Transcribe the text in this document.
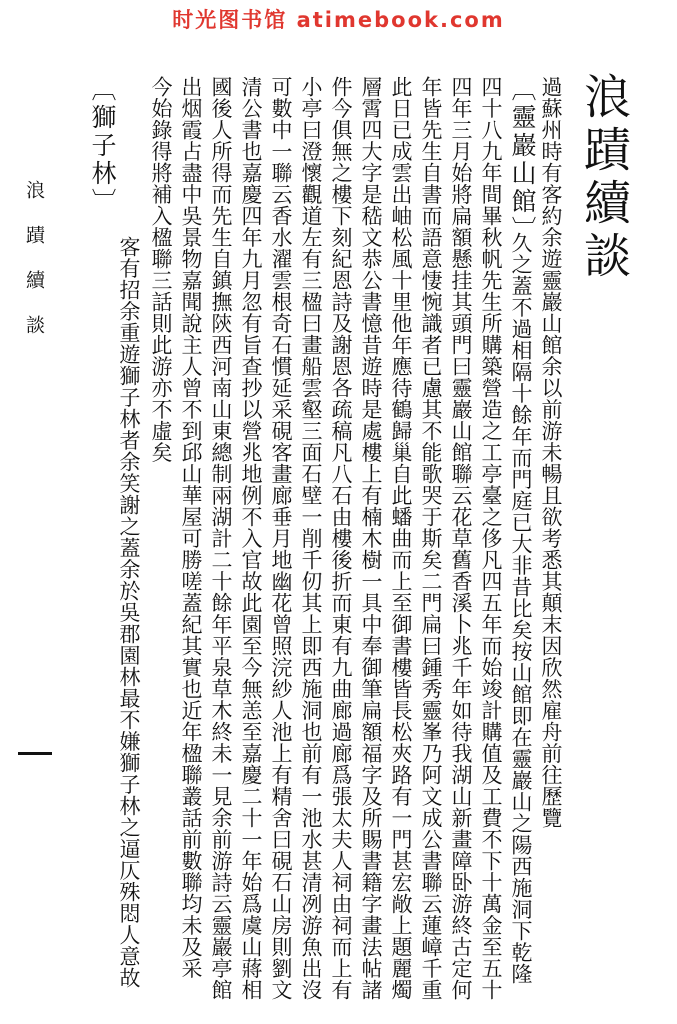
时光图书馆 atimebook.com
浪蹟續談
〔靈巖山館〕 過蘇州時有客約余遊靈巖山館余以前游未暢且欲考悉其顛末因欣然雇舟前往歷覽
久之蓋不過相隔十餘年而門庭已大非昔比矣按山館即在靈巖山之陽西施洞下乾隆
四十八九年間畢秋帆先生所購築營造之工亭臺之侈凡四五年而始竣計購值及工費不下十萬金至五十
四年三月始將扁額懸挂其頭門曰靈巖山館聯云花草舊香溪卜兆千年如待我湖山新畫障卧游終古定何
年皆先生自書而語意悽惋識者已慮其不能歌哭于斯矣二門扁曰鍾秀靈峯乃阿文成公書聯云蓮嶂千重
此日已成雲出岫松風十里他年應待鶴歸巢自此蟠曲而上至御書樓皆長松夾路有一門甚宏敞上題麗燭
層霄四大字是嵇文恭公書憶昔遊時是處樓上有楠木樹一具中奉御筆扁額福字及所賜書籍字畫法帖諸
件今俱無之樓下刻紀恩詩及謝恩各疏稿凡八石由樓後折而東有九曲廊過廊爲張太夫人祠由祠而上有
小亭曰澄懷觀道左有三楹曰畫船雲壑三面石壁一削千仞其上即西施洞也前有一池水甚清冽游魚出沒
可數中一聯云香水濯雲根奇石慣延采硯客畫廊垂月地幽花曾照浣紗人池上有精舍曰硯石山房則劉文
清公書也嘉慶四年九月忽有旨查抄以營兆地例不入官故此園至今無恙至嘉慶二十一年始爲虞山蔣相
國後人所得而先生自鎮撫陝西河南山東總制兩湖計二十餘年平泉草木終未一見余前游詩云靈巖亭館
出烟霞占盡中吳景物嘉聞說主人曾不到邱山華屋可勝嗟蓋紀其實也近年楹聯叢話前數聯均未及采
今始錄得將補入楹聯三話則此游亦不虛矣
〔獅子林〕
客有招余重遊獅子林者余笑謝之蓋余於吳郡園林最不嫌獅子林之逼仄殊悶人意故
浪蹟續談
